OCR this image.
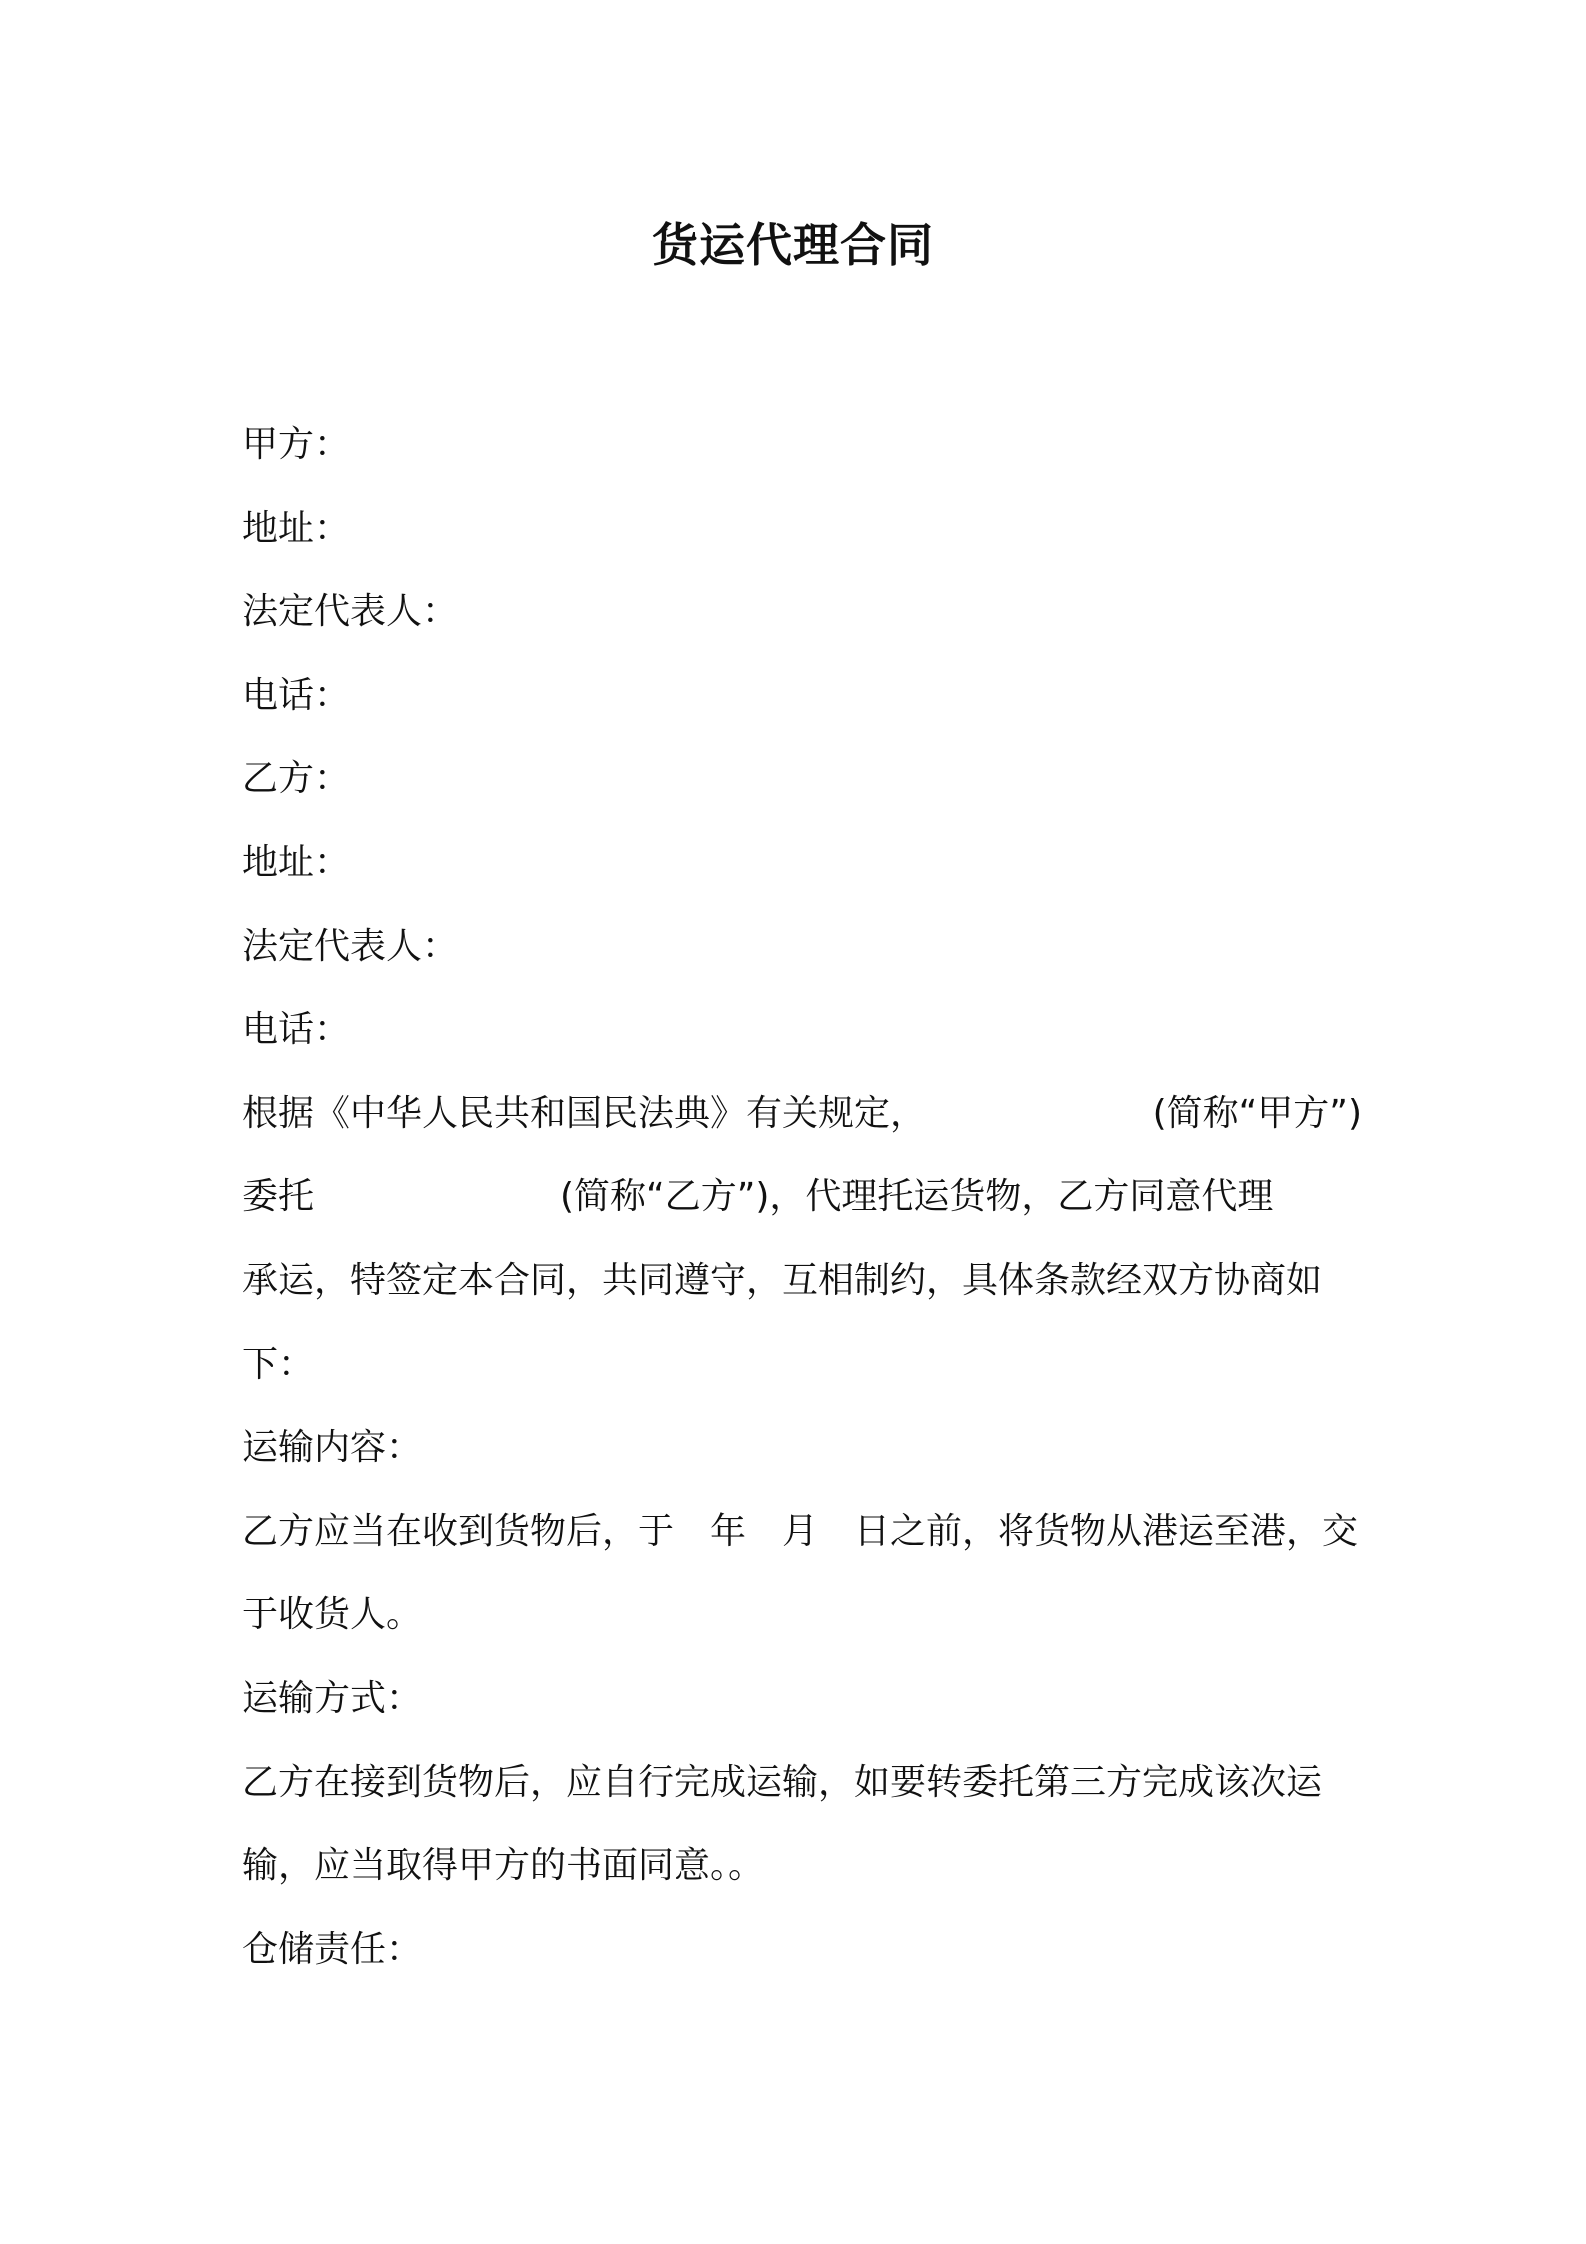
货运代理合同
甲方：
地址：
法定代表人：
电话：
乙方：
地址：
法定代表人：
电话：
根据《中华人民共和国民法典》有关规定，	(简称“甲方”)
委托	(简称“乙方”)，代理托运货物，乙方同意代理
承运，特签定本合同，共同遵守，互相制约，具体条款经双方协商如
下：
运输内容：
乙方应当在收到货物后，于　年　月　日之前，将货物从港运至港，交
于收货人。
运输方式：
乙方在接到货物后，应自行完成运输，如要转委托第三方完成该次运
输，应当取得甲方的书面同意。。
仓储责任：
